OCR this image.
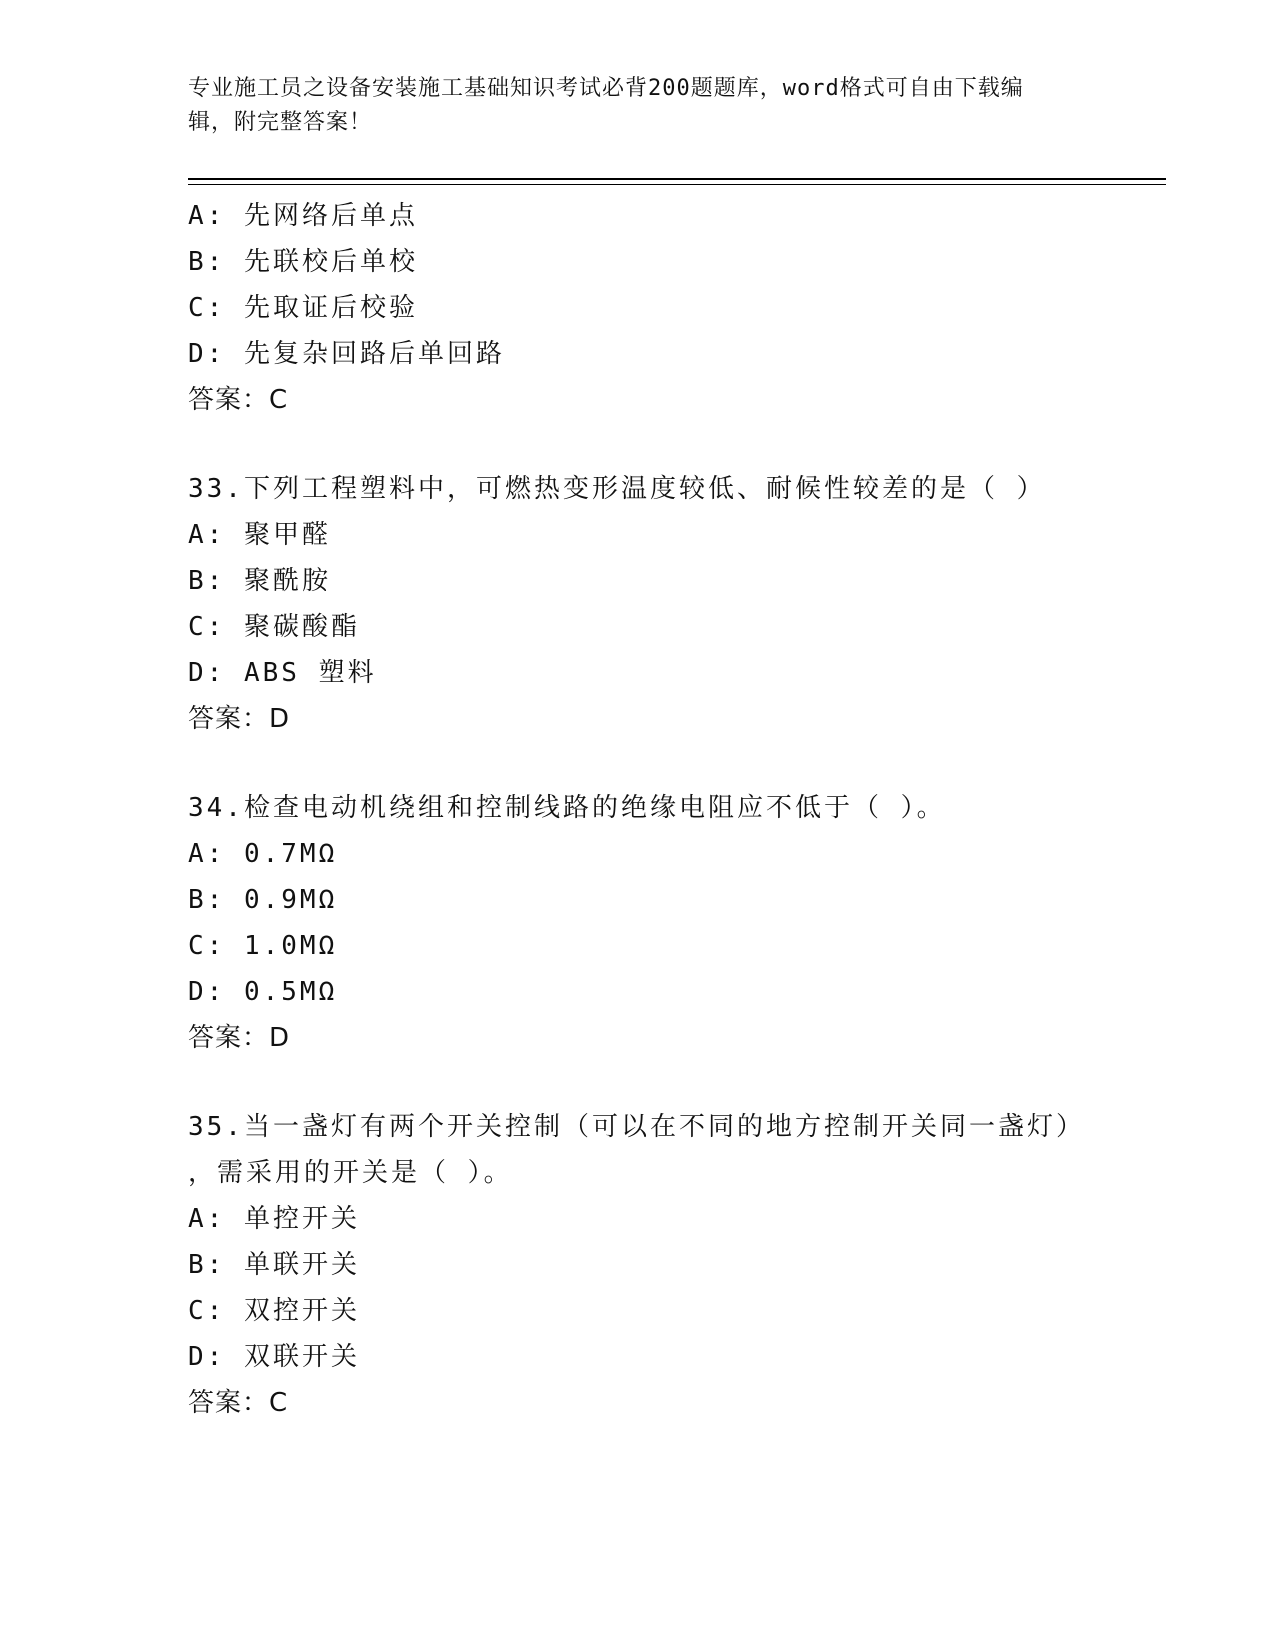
专业施工员之设备安装施工基础知识考试必背200题题库，word格式可自由下载编辑，附完整答案！

A: 先网络后单点
B: 先联校后单校
C: 先取证后校验
D: 先复杂回路后单回路
答案：C
33.下列工程塑料中，可燃热变形温度较低、耐候性较差的是（ ）
A: 聚甲醛
B: 聚酰胺
C: 聚碳酸酯
D: ABS 塑料
答案：D
34.检查电动机绕组和控制线路的绝缘电阻应不低于（ ）。
A: 0.7MΩ
B: 0.9MΩ
C: 1.0MΩ
D: 0.5MΩ
答案：D
35.当一盏灯有两个开关控制（可以在不同的地方控制开关同一盏灯）
，需采用的开关是（ ）。
A: 单控开关
B: 单联开关
C: 双控开关
D: 双联开关
答案：C
